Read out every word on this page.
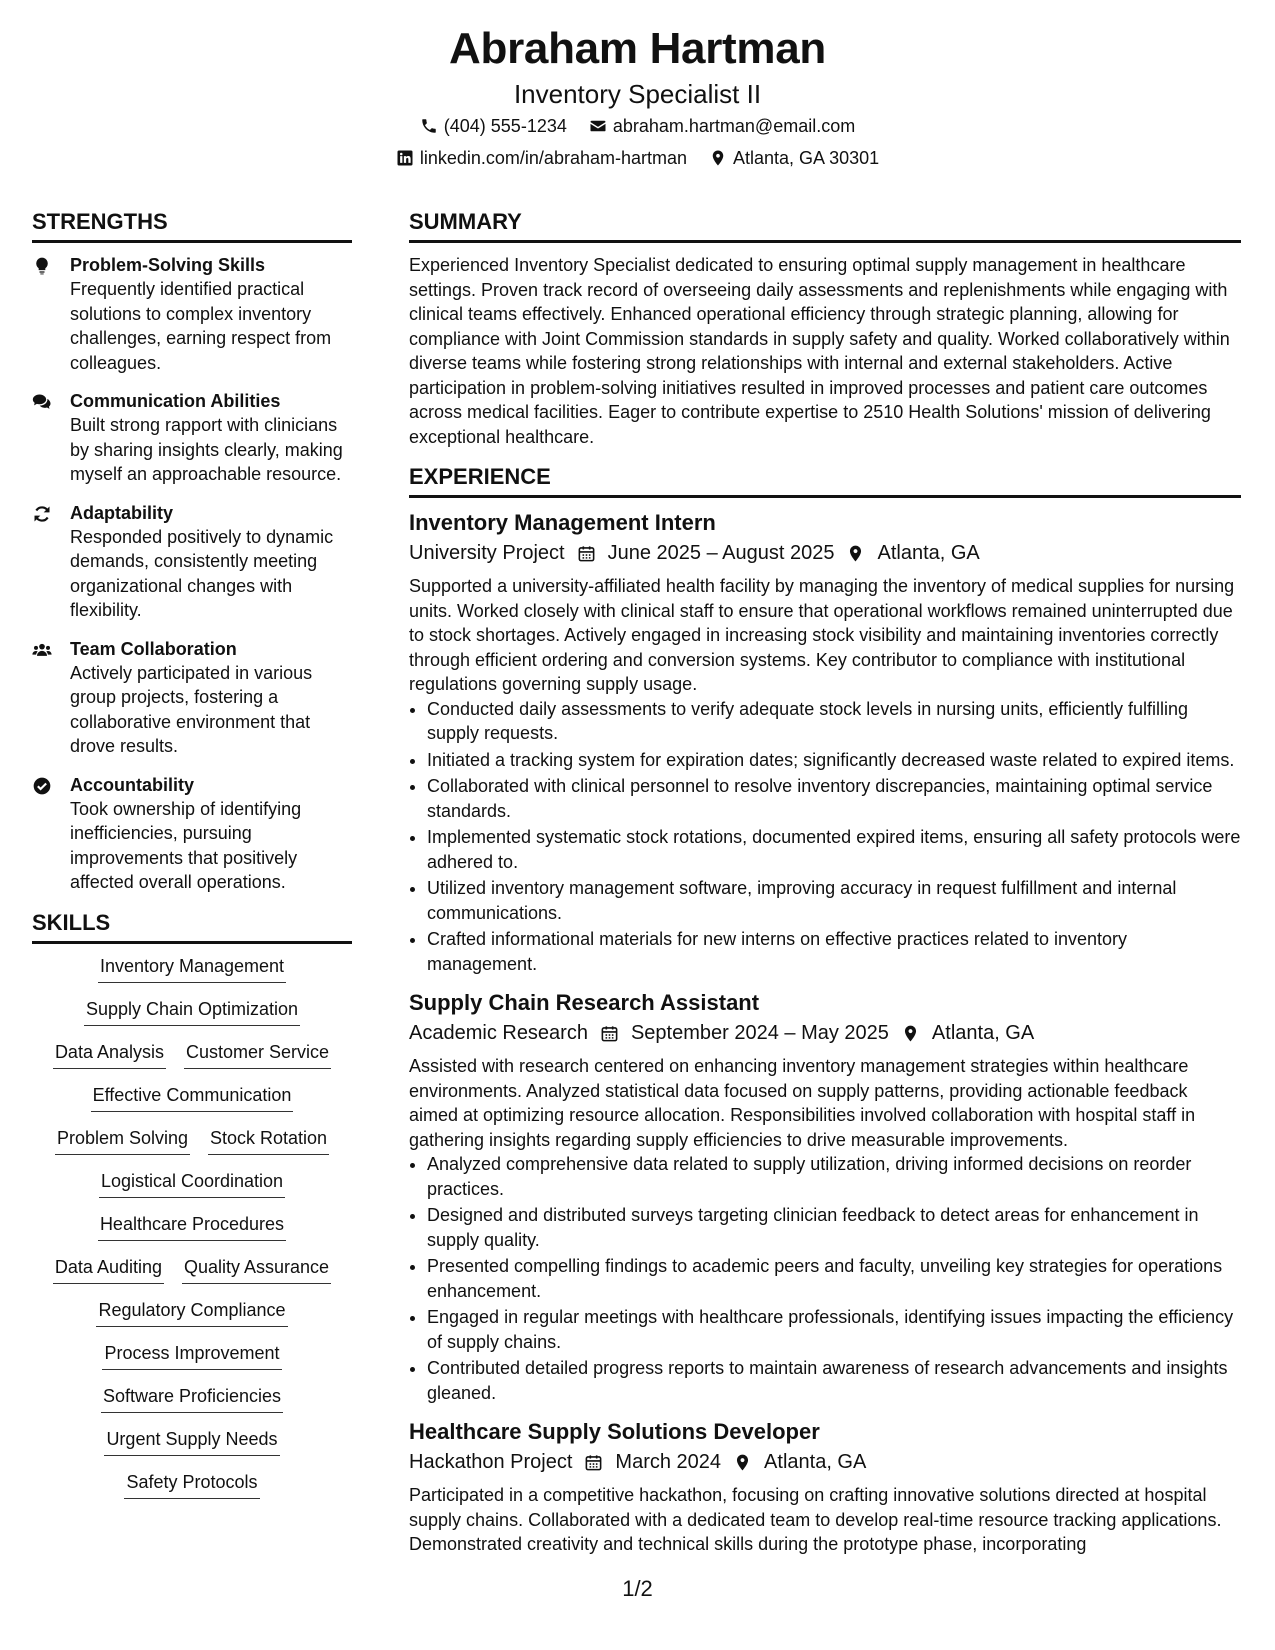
Abraham Hartman
Inventory Specialist II
(404) 555-1234	abraham.hartman@email.com
linkedin.com/in/abraham-hartman	Atlanta, GA 30301
STRENGTHS
Problem-Solving Skills
Frequently identified practical solutions to complex inventory challenges, earning respect from colleagues.
Communication Abilities
Built strong rapport with clinicians by sharing insights clearly, making myself an approachable resource.
Adaptability
Responded positively to dynamic demands, consistently meeting organizational changes with flexibility.
Team Collaboration
Actively participated in various group projects, fostering a collaborative environment that drove results.
Accountability
Took ownership of identifying inefficiencies, pursuing improvements that positively affected overall operations.
SKILLS
Inventory Management
Supply Chain Optimization
Data Analysis Customer Service
Effective Communication
Problem Solving Stock Rotation
Logistical Coordination
Healthcare Procedures
Data Auditing Quality Assurance
Regulatory Compliance
Process Improvement
Software Proficiencies
Urgent Supply Needs
Safety Protocols
SUMMARY
Experienced Inventory Specialist dedicated to ensuring optimal supply management in healthcare settings. Proven track record of overseeing daily assessments and replenishments while engaging with clinical teams effectively. Enhanced operational efficiency through strategic planning, allowing for compliance with Joint Commission standards in supply safety and quality. Worked collaboratively within diverse teams while fostering strong relationships with internal and external stakeholders. Active participation in problem-solving initiatives resulted in improved processes and patient care outcomes across medical facilities. Eager to contribute expertise to 2510 Health Solutions' mission of delivering exceptional healthcare.
EXPERIENCE
Inventory Management Intern
University Project June 2025 – August 2025 Atlanta, GA
Supported a university-affiliated health facility by managing the inventory of medical supplies for nursing units. Worked closely with clinical staff to ensure that operational workflows remained uninterrupted due to stock shortages. Actively engaged in increasing stock visibility and maintaining inventories correctly through efficient ordering and conversion systems. Key contributor to compliance with institutional regulations governing supply usage.
• Conducted daily assessments to verify adequate stock levels in nursing units, efficiently fulfilling supply requests.
• Initiated a tracking system for expiration dates; significantly decreased waste related to expired items.
• Collaborated with clinical personnel to resolve inventory discrepancies, maintaining optimal service standards.
• Implemented systematic stock rotations, documented expired items, ensuring all safety protocols were adhered to.
• Utilized inventory management software, improving accuracy in request fulfillment and internal communications.
• Crafted informational materials for new interns on effective practices related to inventory management.
Supply Chain Research Assistant
Academic Research September 2024 – May 2025 Atlanta, GA
Assisted with research centered on enhancing inventory management strategies within healthcare environments. Analyzed statistical data focused on supply patterns, providing actionable feedback aimed at optimizing resource allocation. Responsibilities involved collaboration with hospital staff in gathering insights regarding supply efficiencies to drive measurable improvements.
• Analyzed comprehensive data related to supply utilization, driving informed decisions on reorder practices.
• Designed and distributed surveys targeting clinician feedback to detect areas for enhancement in supply quality.
• Presented compelling findings to academic peers and faculty, unveiling key strategies for operations enhancement.
• Engaged in regular meetings with healthcare professionals, identifying issues impacting the efficiency of supply chains.
• Contributed detailed progress reports to maintain awareness of research advancements and insights gleaned.
Healthcare Supply Solutions Developer
Hackathon Project March 2024 Atlanta, GA
Participated in a competitive hackathon, focusing on crafting innovative solutions directed at hospital supply chains. Collaborated with a dedicated team to develop real-time resource tracking applications. Demonstrated creativity and technical skills during the prototype phase, incorporating
1/2
